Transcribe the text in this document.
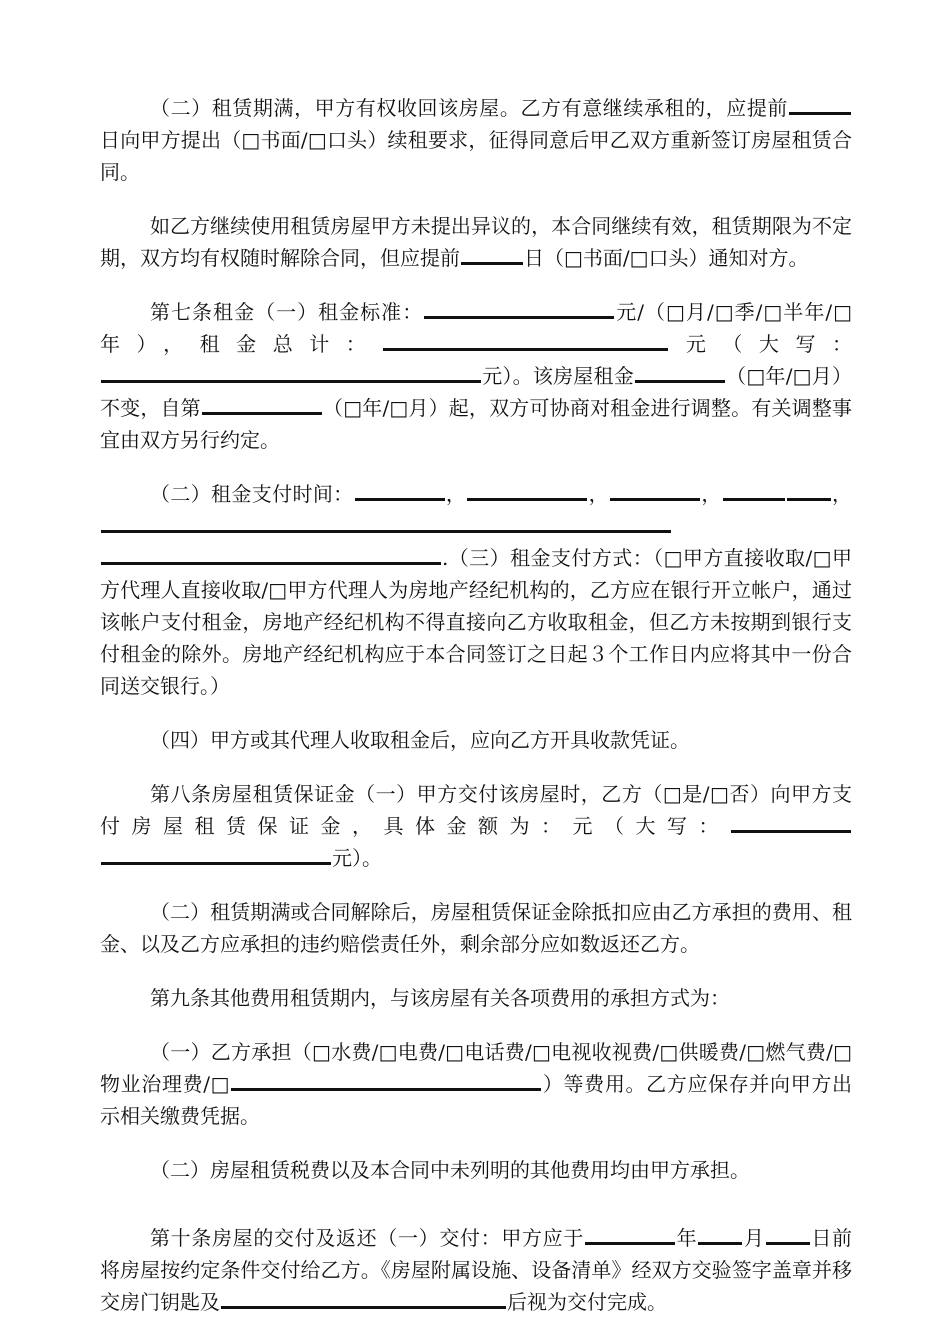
（二）租赁期满，甲方有权收回该房屋。乙方有意继续承租的，应提前日向甲方提出（□书面/□口头）续租要求，征得同意后甲乙双方重新签订房屋租赁合同。

如乙方继续使用租赁房屋甲方未提出异议的，本合同继续有效，租赁期限为不定期，双方均有权随时解除合同，但应提前	日（□书面/□口头）通知对方。

第七条租金（一）租金标准：	元/（□月/□季/□半年/□年），租金总计：	元（大写：元）。该房屋租金	（□年/□月）不变，自第	（□年/□月）起，双方可协商对租金进行调整。有关调整事宜由双方另行约定。

（二）租金支付时间：	，	，	，	，.（三）租金支付方式：（□甲方直接收取/□甲方代理人直接收取/□甲方代理人为房地产经纪机构的，乙方应在银行开立帐户，通过该帐户支付租金，房地产经纪机构不得直接向乙方收取租金，但乙方未按期到银行支付租金的除外。房地产经纪机构应于本合同签订之日起３个工作日内应将其中一份合同送交银行。）

（四）甲方或其代理人收取租金后，应向乙方开具收款凭证。

第八条房屋租赁保证金（一）甲方交付该房屋时，乙方（□是/□否）向甲方支付房屋租赁保证金，具体金额为：元（大写：元）。

（二）租赁期满或合同解除后，房屋租赁保证金除抵扣应由乙方承担的费用、租金、以及乙方应承担的违约赔偿责任外，剩余部分应如数返还乙方。

第九条其他费用租赁期内，与该房屋有关各项费用的承担方式为：

（一）乙方承担（□水费/□电费/□电话费/□电视收视费/□供暖费/□燃气费/□物业治理费/□	）等费用。乙方应保存并向甲方出示相关缴费凭据。

（二）房屋租赁税费以及本合同中未列明的其他费用均由甲方承担。

第十条房屋的交付及返还（一）交付：甲方应于	年 月 日前将房屋按约定条件交付给乙方。《房屋附属设施、设备清单》经双方交验签字盖章并移交房门钥匙及	后视为交付完成。
